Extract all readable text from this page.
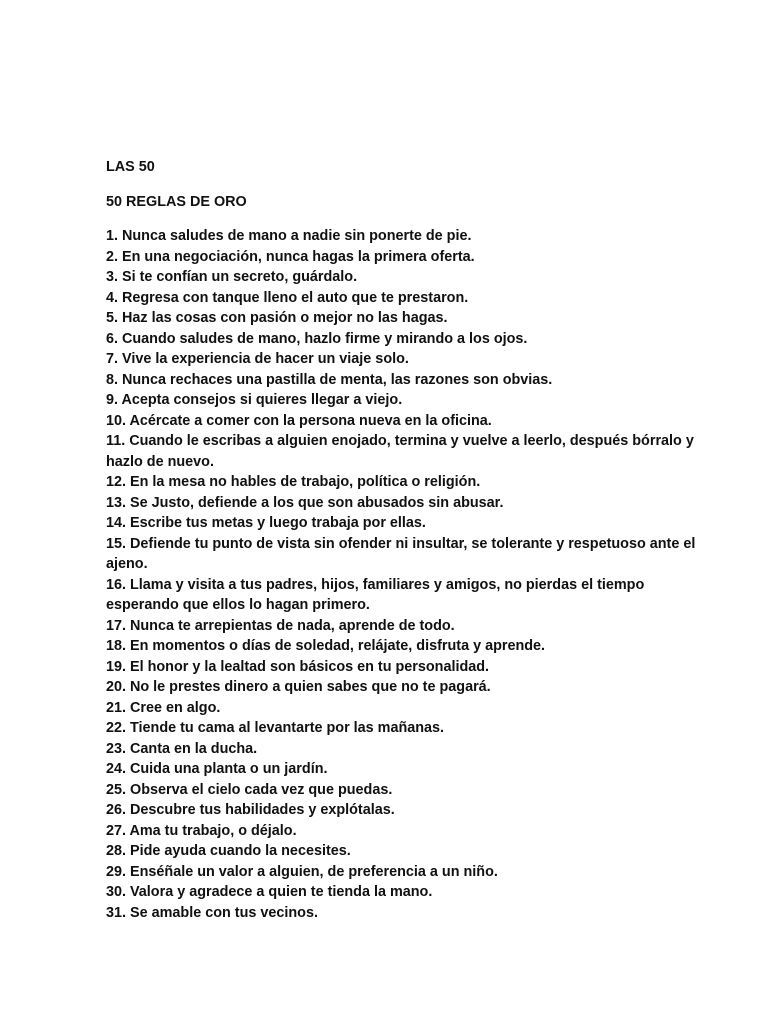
LAS 50

50 REGLAS DE ORO

1. Nunca saludes de mano a nadie sin ponerte de pie.
2. En una negociación, nunca hagas la primera oferta.
3. Si te confían un secreto, guárdalo.
4. Regresa con tanque lleno el auto que te prestaron.
5. Haz las cosas con pasión o mejor no las hagas.
6. Cuando saludes de mano, hazlo firme y mirando a los ojos.
7. Vive la experiencia de hacer un viaje solo.
8. Nunca rechaces una pastilla de menta, las razones son obvias.
9. Acepta consejos si quieres llegar a viejo.
10. Acércate a comer con la persona nueva en la oficina.
11. Cuando le escribas a alguien enojado, termina y vuelve a leerlo, después bórralo y hazlo de nuevo.
12. En la mesa no hables de trabajo, política o religión.
13. Se Justo, defiende a los que son abusados sin abusar.
14. Escribe tus metas y luego trabaja por ellas.
15. Defiende tu punto de vista sin ofender ni insultar, se tolerante y respetuoso ante el ajeno.
16. Llama y visita a tus padres, hijos, familiares y amigos, no pierdas el tiempo esperando que ellos lo hagan primero.
17. Nunca te arrepientas de nada, aprende de todo.
18. En momentos o días de soledad, relájate, disfruta y aprende.
19. El honor y la lealtad son básicos en tu personalidad.
20. No le prestes dinero a quien sabes que no te pagará.
21. Cree en algo.
22. Tiende tu cama al levantarte por las mañanas.
23. Canta en la ducha.
24. Cuida una planta o un jardín.
25. Observa el cielo cada vez que puedas.
26. Descubre tus habilidades y explótalas.
27. Ama tu trabajo, o déjalo.
28. Pide ayuda cuando la necesites.
29. Enséñale un valor a alguien, de preferencia a un niño.
30. Valora y agradece a quien te tienda la mano.
31. Se amable con tus vecinos.
